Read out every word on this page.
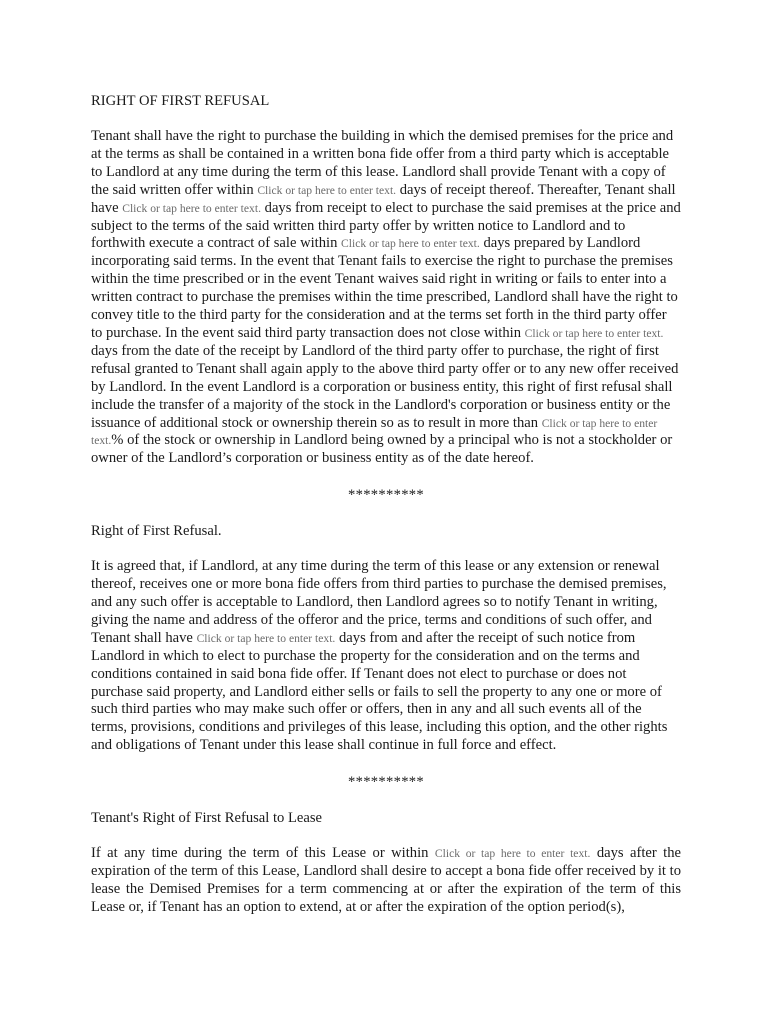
RIGHT OF FIRST REFUSAL
Tenant shall have the right to purchase the building in which the demised premises for the price and at the terms as shall be contained in a written bona fide offer from a third party which is acceptable to Landlord at any time during the term of this lease. Landlord shall provide Tenant with a copy of the said written offer within Click or tap here to enter text. days of receipt thereof. Thereafter, Tenant shall have Click or tap here to enter text. days from receipt to elect to purchase the said premises at the price and subject to the terms of the said written third party offer by written notice to Landlord and to forthwith execute a contract of sale within Click or tap here to enter text. days prepared by Landlord incorporating said terms. In the event that Tenant fails to exercise the right to purchase the premises within the time prescribed or in the event Tenant waives said right in writing or fails to enter into a written contract to purchase the premises within the time prescribed, Landlord shall have the right to convey title to the third party for the consideration and at the terms set forth in the third party offer to purchase. In the event said third party transaction does not close within Click or tap here to enter text. days from the date of the receipt by Landlord of the third party offer to purchase, the right of first refusal granted to Tenant shall again apply to the above third party offer or to any new offer received by Landlord. In the event Landlord is a corporation or business entity, this right of first refusal shall include the transfer of a majority of the stock in the Landlord's corporation or business entity or the issuance of additional stock or ownership therein so as to result in more than Click or tap here to enter text.% of the stock or ownership in Landlord being owned by a principal who is not a stockholder or owner of the Landlord’s corporation or business entity as of the date hereof.
**********
Right of First Refusal.
It is agreed that, if Landlord, at any time during the term of this lease or any extension or renewal thereof, receives one or more bona fide offers from third parties to purchase the demised premises, and any such offer is acceptable to Landlord, then Landlord agrees so to notify Tenant in writing, giving the name and address of the offeror and the price, terms and conditions of such offer, and Tenant shall have Click or tap here to enter text. days from and after the receipt of such notice from Landlord in which to elect to purchase the property for the consideration and on the terms and conditions contained in said bona fide offer. If Tenant does not elect to purchase or does not purchase said property, and Landlord either sells or fails to sell the property to any one or more of such third parties who may make such offer or offers, then in any and all such events all of the terms, provisions, conditions and privileges of this lease, including this option, and the other rights and obligations of Tenant under this lease shall continue in full force and effect.
**********
Tenant's Right of First Refusal to Lease
If at any time during the term of this Lease or within Click or tap here to enter text. days after the expiration of the term of this Lease, Landlord shall desire to accept a bona fide offer received by it to lease the Demised Premises for a term commencing at or after the expiration of the term of this Lease or, if Tenant has an option to extend, at or after the expiration of the option period(s),
